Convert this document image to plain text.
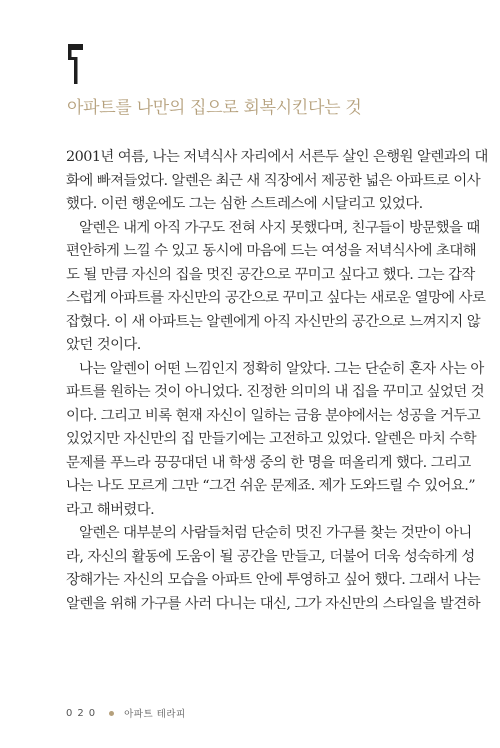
아파트를 나만의 집으로 회복시킨다는 것
2001년 여름, 나는 저녁식사 자리에서 서른두 살인 은행원 알렌과의 대
화에 빠져들었다. 알렌은 최근 새 직장에서 제공한 넓은 아파트로 이사
했다. 이런 행운에도 그는 심한 스트레스에 시달리고 있었다.
알렌은 내게 아직 가구도 전혀 사지 못했다며, 친구들이 방문했을 때
편안하게 느낄 수 있고 동시에 마음에 드는 여성을 저녁식사에 초대해
도 될 만큼 자신의 집을 멋진 공간으로 꾸미고 싶다고 했다. 그는 갑작
스럽게 아파트를 자신만의 공간으로 꾸미고 싶다는 새로운 열망에 사로
잡혔다. 이 새 아파트는 알렌에게 아직 자신만의 공간으로 느껴지지 않
았던 것이다.
나는 알렌이 어떤 느낌인지 정확히 알았다. 그는 단순히 혼자 사는 아
파트를 원하는 것이 아니었다. 진정한 의미의 내 집을 꾸미고 싶었던 것
이다. 그리고 비록 현재 자신이 일하는 금융 분야에서는 성공을 거두고
있었지만 자신만의 집 만들기에는 고전하고 있었다. 알렌은 마치 수학
문제를 푸느라 끙끙대던 내 학생 중의 한 명을 떠올리게 했다. 그리고
나는 나도 모르게 그만 “그건 쉬운 문제죠. 제가 도와드릴 수 있어요.”
라고 해버렸다.
알렌은 대부분의 사람들처럼 단순히 멋진 가구를 찾는 것만이 아니
라, 자신의 활동에 도움이 될 공간을 만들고, 더불어 더욱 성숙하게 성
장해가는 자신의 모습을 아파트 안에 투영하고 싶어 했다. 그래서 나는
알렌을 위해 가구를 사러 다니는 대신, 그가 자신만의 스타일을 발견하
020	아파트 테라피
